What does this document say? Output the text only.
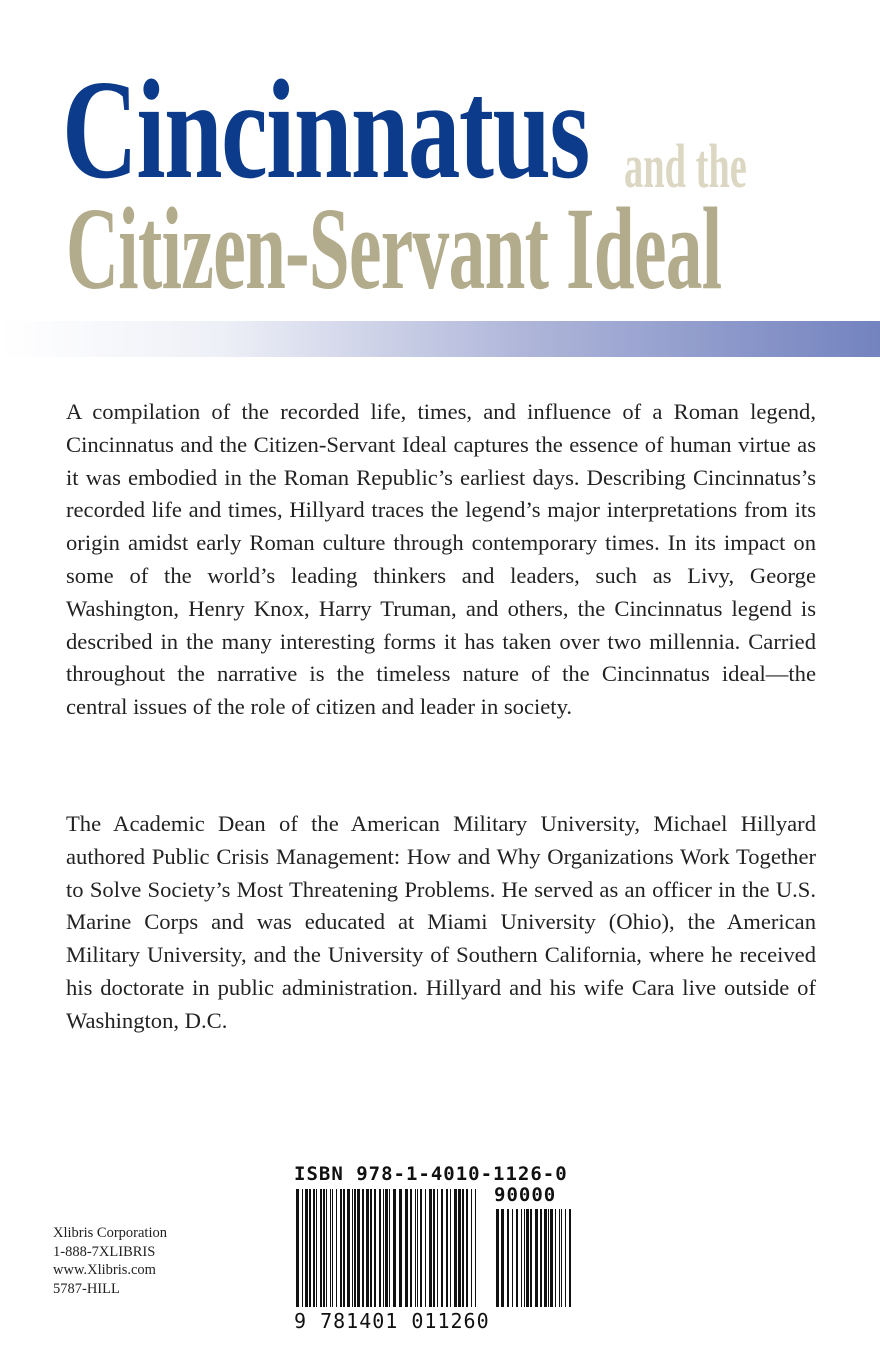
Cincinnatus and the
Citizen-Servant Ideal

A compilation of the recorded life, times, and influence of a Roman legend, Cincinnatus and the Citizen-Servant Ideal captures the essence of human virtue as it was embodied in the Roman Republic’s earliest days. Describing Cincinnatus’s recorded life and times, Hillyard traces the legend’s major interpretations from its origin amidst early Roman culture through contemporary times. In its impact on some of the world’s leading thinkers and leaders, such as Livy, George Washington, Henry Knox, Harry Truman, and others, the Cincinnatus legend is described in the many interesting forms it has taken over two millennia. Carried throughout the narrative is the timeless nature of the Cincinnatus ideal—the central issues of the role of citizen and leader in society.

The Academic Dean of the American Military University, Michael Hillyard authored Public Crisis Management: How and Why Organizations Work Together to Solve Society’s Most Threatening Problems. He served as an officer in the U.S. Marine Corps and was educated at Miami University (Ohio), the American Military University, and the University of Southern California, where he received his doctorate in public administration. Hillyard and his wife Cara live outside of Washington, D.C.

Xlibris Corporation
1-888-7XLIBRIS
www.Xlibris.com
5787-HILL
ISBN 978-1-4010-1126-0
90000
9 781401 011260
